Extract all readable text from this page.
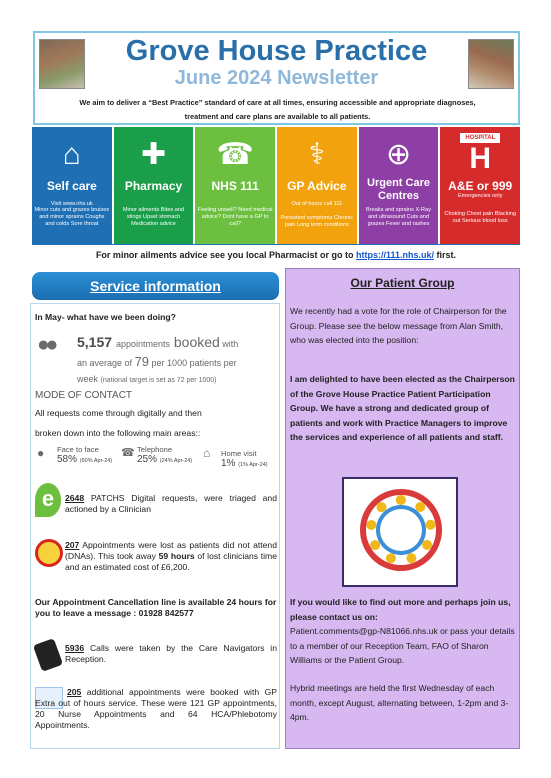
Grove House Practice
June 2024 Newsletter
We aim to deliver a “Best Practice” standard of care at all times, ensuring accessible and appropriate diagnoses, treatment and care plans are available to all patients.
⌂
Self care
Visit www.nhs.uk
Minor cuts and grazes bruises and minor sprains Coughs and colds Sore throat
✚
Pharmacy
Minor ailments Bites and stings Upset stomach Medication advice
☎
NHS 111
Feeling unwell? Need medical advice? Dont have a GP to call?
⚕
GP Advice
Out of hours call 111
Persistent symptoms Chronic pain Long term conditions
⊕
Urgent Care Centres
Breaks and sprains X-Ray and ultrasound Cuts and grazes Fever and rashes
HOSPITAL
H
A&E or 999
Emergencies only
Choking Chest pain Blacking out Serious blood loss
For minor ailments advice see you local Pharmacist or go to https://111.nhs.uk/ first.
Service information
In May- what have we been doing?
●●	5,157 appointments booked with
an average of 79 per 1000 patients per
week (national target is set as 72 per 1000)
MODE OF CONTACT
All requests come through digitally and then
broken down into the following main areas::
● Face to face
58% (60% Apr-24)
☎ Telephone
25% (24% Apr-24)
⌂ Home visit
1% (1% Apr-24)
e	2648 PATCHS Digital requests, were triaged and actioned by a Clinician
207 Appointments were lost as patients did not attend (DNAs). This took away 59 hours of lost clinicians time and an estimated cost of £6,200.
Our Appointment Cancellation line is available 24 hours for you to leave a message : 01928 842577
5936 Calls were taken by the Care Navigators in Reception.
205 additional appointments were booked with GP Extra out of hours service. These were 121 GP appointments, 20 Nurse Appointments and 64 HCA/Phlebotomy Appointments.
Our Patient Group
We recently had a vote for the role of Chairperson for the Group. Please see the below message from Alan Smith, who was elected into the position:
I am delighted to have been elected as the Chairperson of the Grove House Practice Patient Participation Group. We have a strong and dedicated group of patients and work with Practice Managers to improve the services and experience of all patients and staff.
If you would like to find out more and perhaps join us, please contact us on:
Patient.comments@gp-N81066.nhs.uk or pass your details to a member of our Reception Team, FAO of Sharon Williams or the Patient Group.
Hybrid meetings are held the first Wednesday of each month, except August, alternating between, 1-2pm and 3-4pm.
